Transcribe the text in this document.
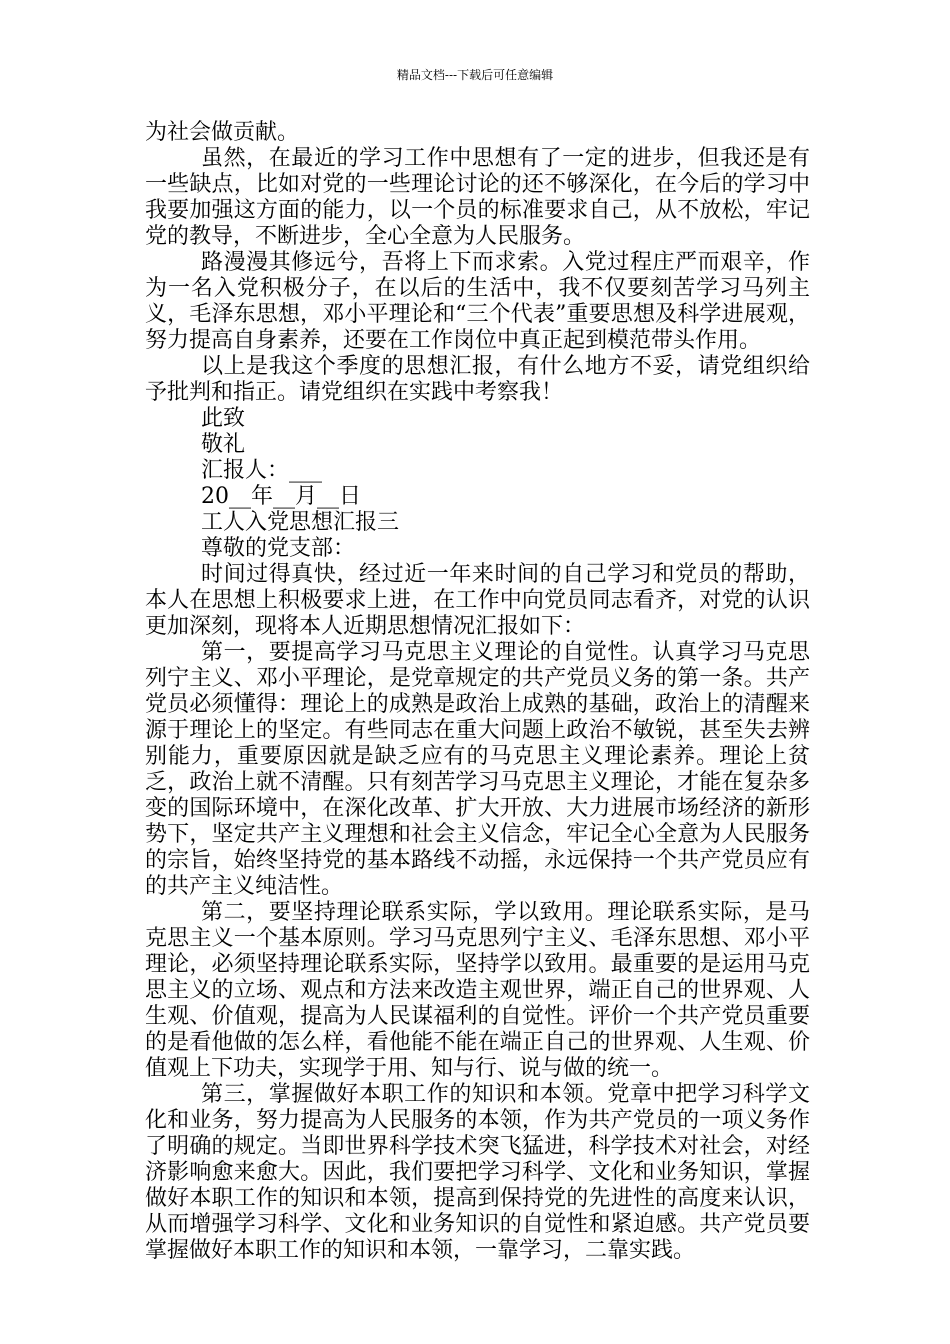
精品文档---下载后可任意编辑

为社会做贡献。

虽然，在最近的学习工作中思想有了一定的进步，但我还是有一些缺点，比如对党的一些理论讨论的还不够深化，在今后的学习中我要加强这方面的能力，以一个员的标准要求自己，从不放松，牢记党的教导，不断进步，全心全意为人民服务。

路漫漫其修远兮，吾将上下而求索。入党过程庄严而艰辛，作为一名入党积极分子，在以后的生活中，我不仅要刻苦学习马列主义，毛泽东思想，邓小平理论和“三个代表”重要思想及科学进展观，努力提高自身素养，还要在工作岗位中真正起到模范带头作用。

以上是我这个季度的思想汇报，有什么地方不妥，请党组织给予批判和指正。请党组织在实践中考察我！

此致

敬礼

汇报人：___

20__年__月__日

工人入党思想汇报三

尊敬的党支部：

时间过得真快，经过近一年来时间的自己学习和党员的帮助，本人在思想上积极要求上进，在工作中向党员同志看齐，对党的认识更加深刻，现将本人近期思想情况汇报如下：

第一，要提高学习马克思主义理论的自觉性。认真学习马克思列宁主义、邓小平理论，是党章规定的共产党员义务的第一条。共产党员必须懂得：理论上的成熟是政治上成熟的基础，政治上的清醒来源于理论上的坚定。有些同志在重大问题上政治不敏锐，甚至失去辨别能力，重要原因就是缺乏应有的马克思主义理论素养。理论上贫乏，政治上就不清醒。只有刻苦学习马克思主义理论，才能在复杂多变的国际环境中，在深化改革、扩大开放、大力进展市场经济的新形势下，坚定共产主义理想和社会主义信念，牢记全心全意为人民服务的宗旨，始终坚持党的基本路线不动摇，永远保持一个共产党员应有的共产主义纯洁性。

第二，要坚持理论联系实际，学以致用。理论联系实际，是马克思主义一个基本原则。学习马克思列宁主义、毛泽东思想、邓小平理论，必须坚持理论联系实际，坚持学以致用。最重要的是运用马克思主义的立场、观点和方法来改造主观世界，端正自己的世界观、人生观、价值观，提高为人民谋福利的自觉性。评价一个共产党员重要的是看他做的怎么样，看他能不能在端正自己的世界观、人生观、价值观上下功夫，实现学于用、知与行、说与做的统一。

第三，掌握做好本职工作的知识和本领。党章中把学习科学文化和业务，努力提高为人民服务的本领，作为共产党员的一项义务作了明确的规定。当即世界科学技术突飞猛进，科学技术对社会，对经济影响愈来愈大。因此，我们要把学习科学、文化和业务知识，掌握做好本职工作的知识和本领，提高到保持党的先进性的高度来认识，从而增强学习科学、文化和业务知识的自觉性和紧迫感。共产党员要掌握做好本职工作的知识和本领，一靠学习，二靠实践。
